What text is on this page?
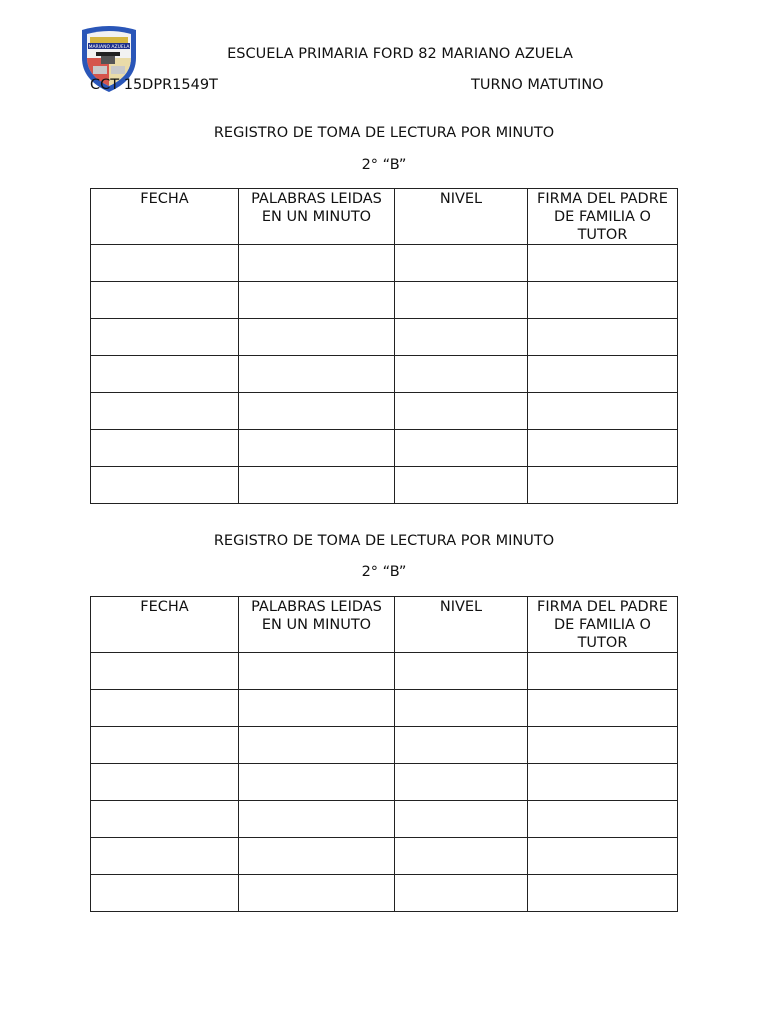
MARIANO AZUELA	ESCUELA PRIMARIA FORD 82 MARIANO AZUELA
CCT 15DPR1549T	TURNO MATUTINO
REGISTRO DE TOMA DE LECTURA POR MINUTO
2° “B”
FECHA	PALABRAS LEIDAS EN UN MINUTO	NIVEL	FIRMA DEL PADRE DE FAMILIA O TUTOR

REGISTRO DE TOMA DE LECTURA POR MINUTO
2° “B”
FECHA	PALABRAS LEIDAS EN UN MINUTO	NIVEL	FIRMA DEL PADRE DE FAMILIA O TUTOR
